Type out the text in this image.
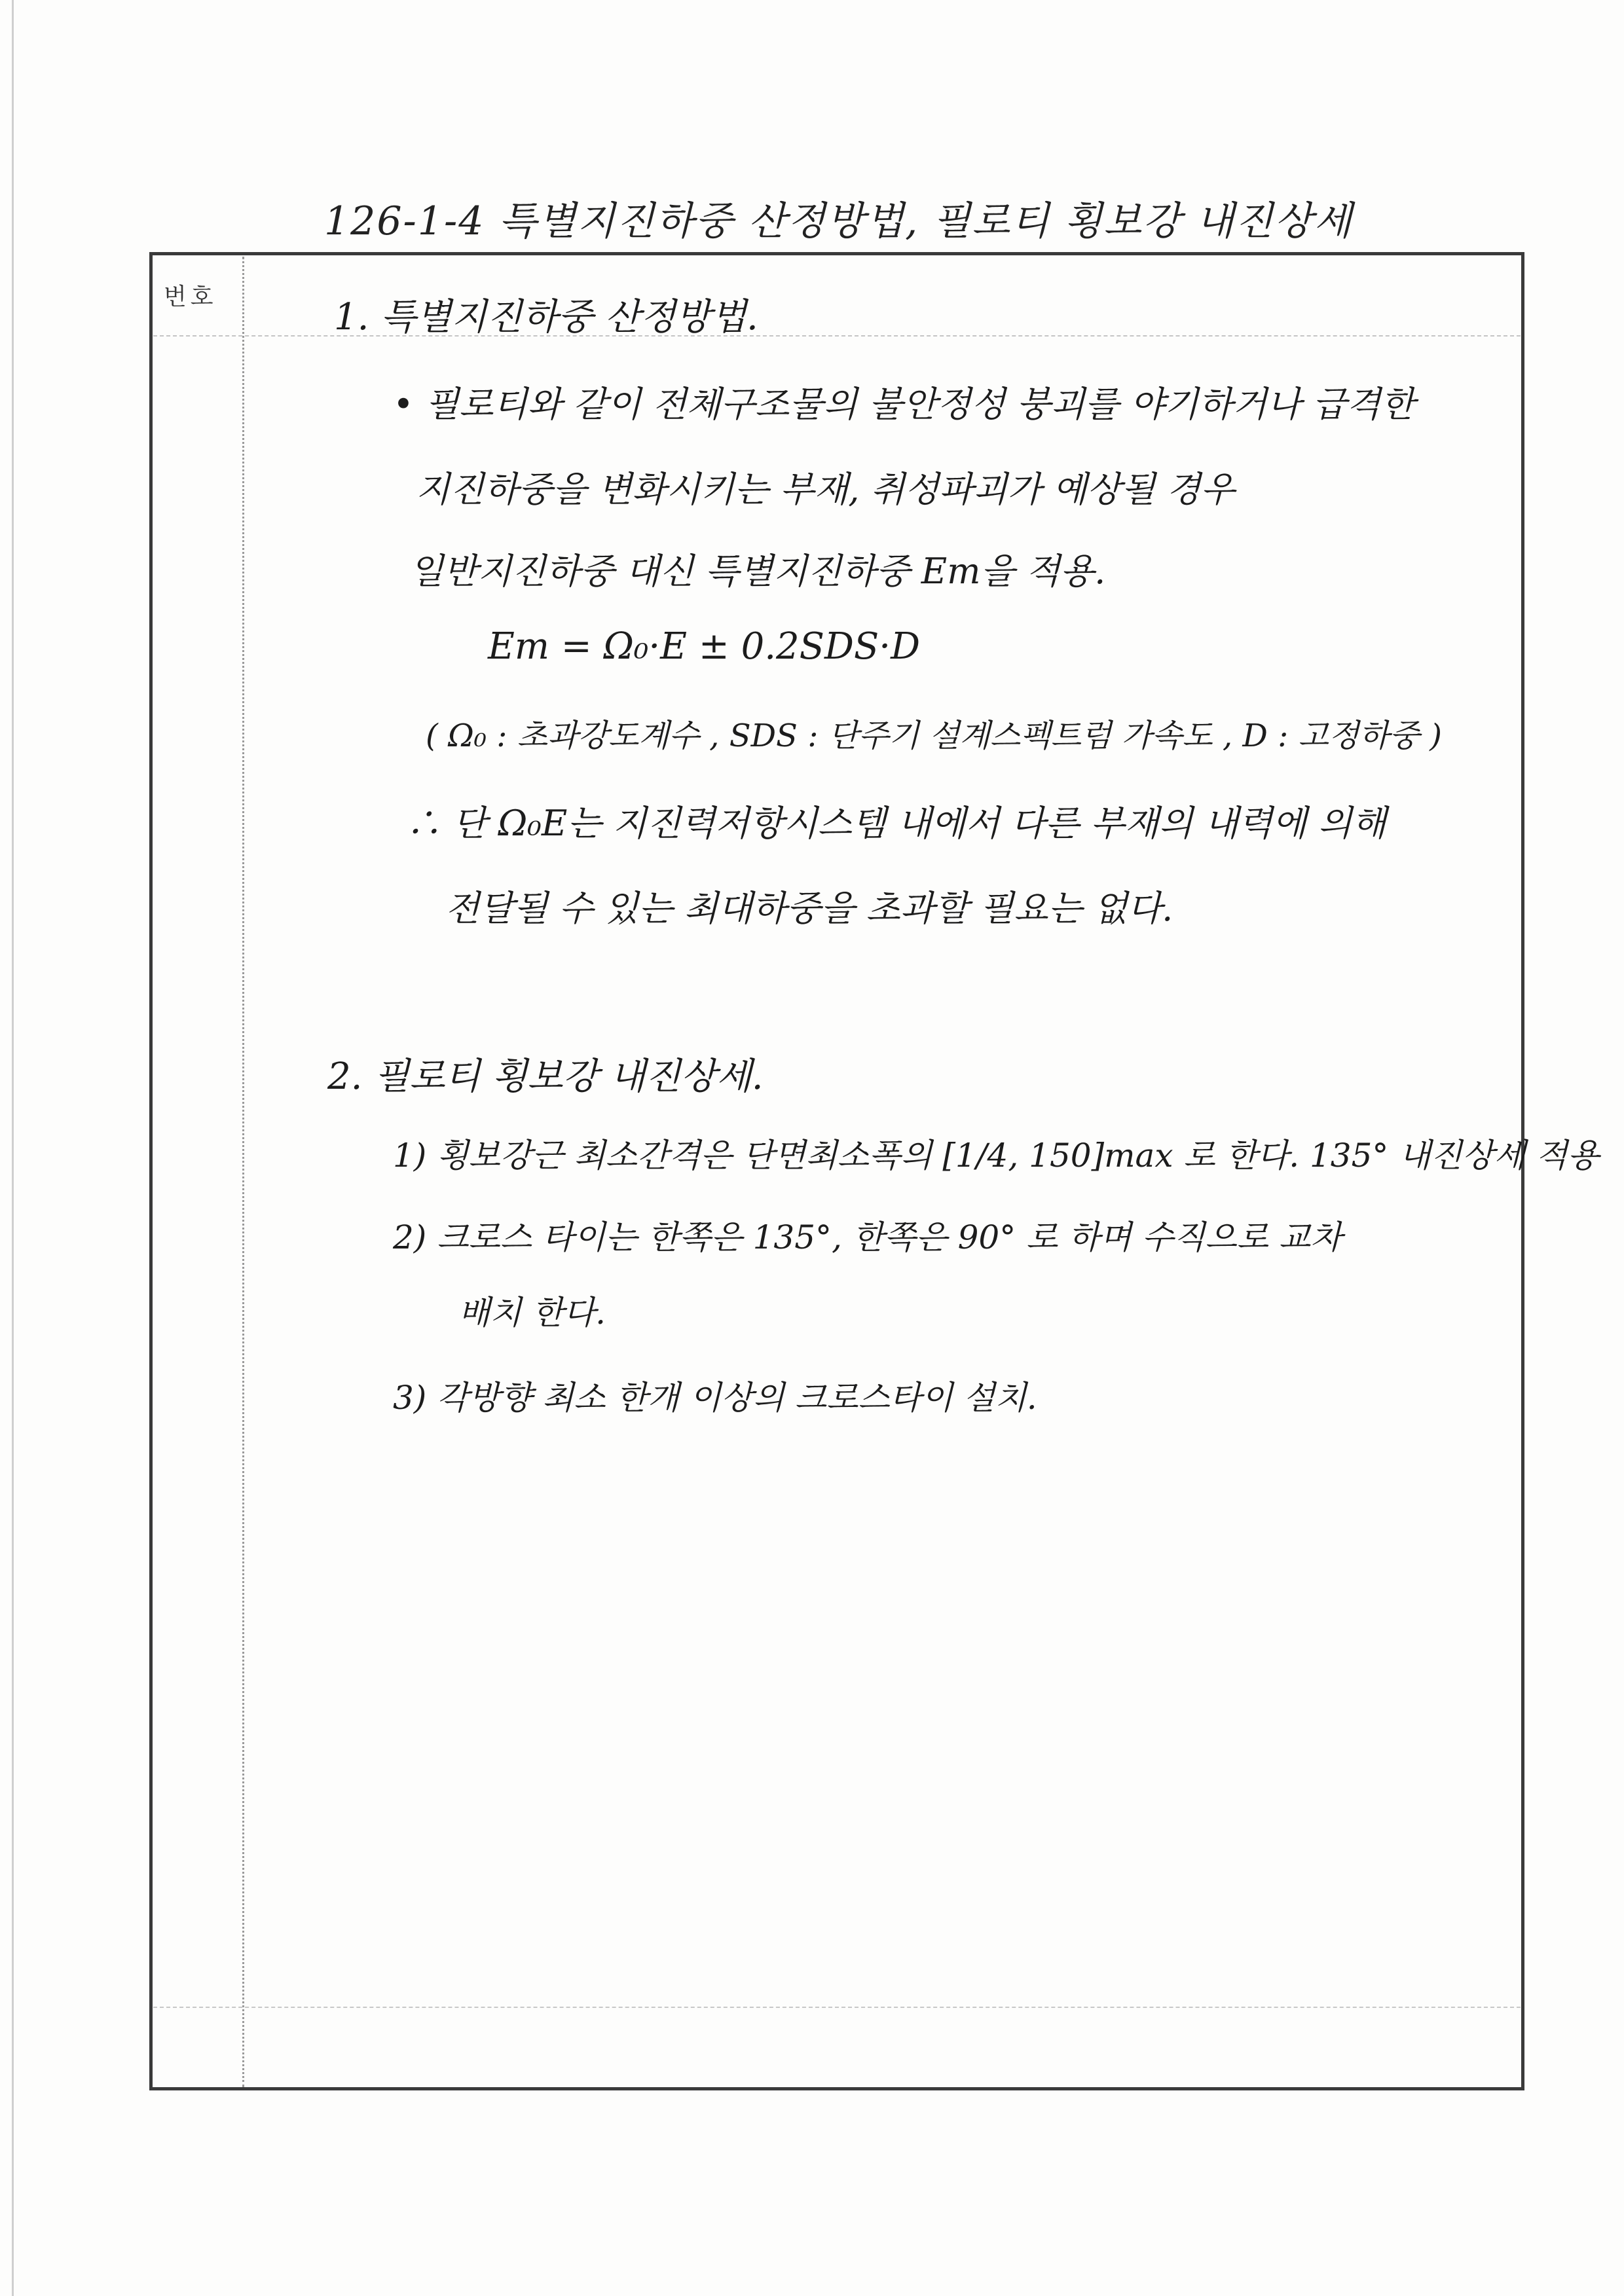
126-1-4 특별지진하중 산정방법, 필로티 횡보강 내진상세
번호	1. 특별지진하중 산정방법.
• 필로티와 같이 전체구조물의 불안정성 붕괴를 야기하거나 급격한
지진하중을 변화시키는 부재, 취성파괴가 예상될 경우
일반지진하중 대신 특별지진하중 Em을 적용.
Em = Ω₀·E ± 0.2SDS·D
( Ω₀ : 초과강도계수 , SDS : 단주기 설계스펙트럼 가속도 , D : 고정하중 )
∴ 단 Ω₀E는 지진력저항시스템 내에서 다른 부재의 내력에 의해
전달될 수 있는 최대하중을 초과할 필요는 없다.
2. 필로티 횡보강 내진상세.
1) 횡보강근 최소간격은 단면최소폭의 [1/4, 150]max 로 한다. 135° 내진상세 적용
2) 크로스 타이는 한쪽은 135°, 한쪽은 90° 로 하며 수직으로 교차
배치 한다.
3) 각방향 최소 한개 이상의 크로스타이 설치.
